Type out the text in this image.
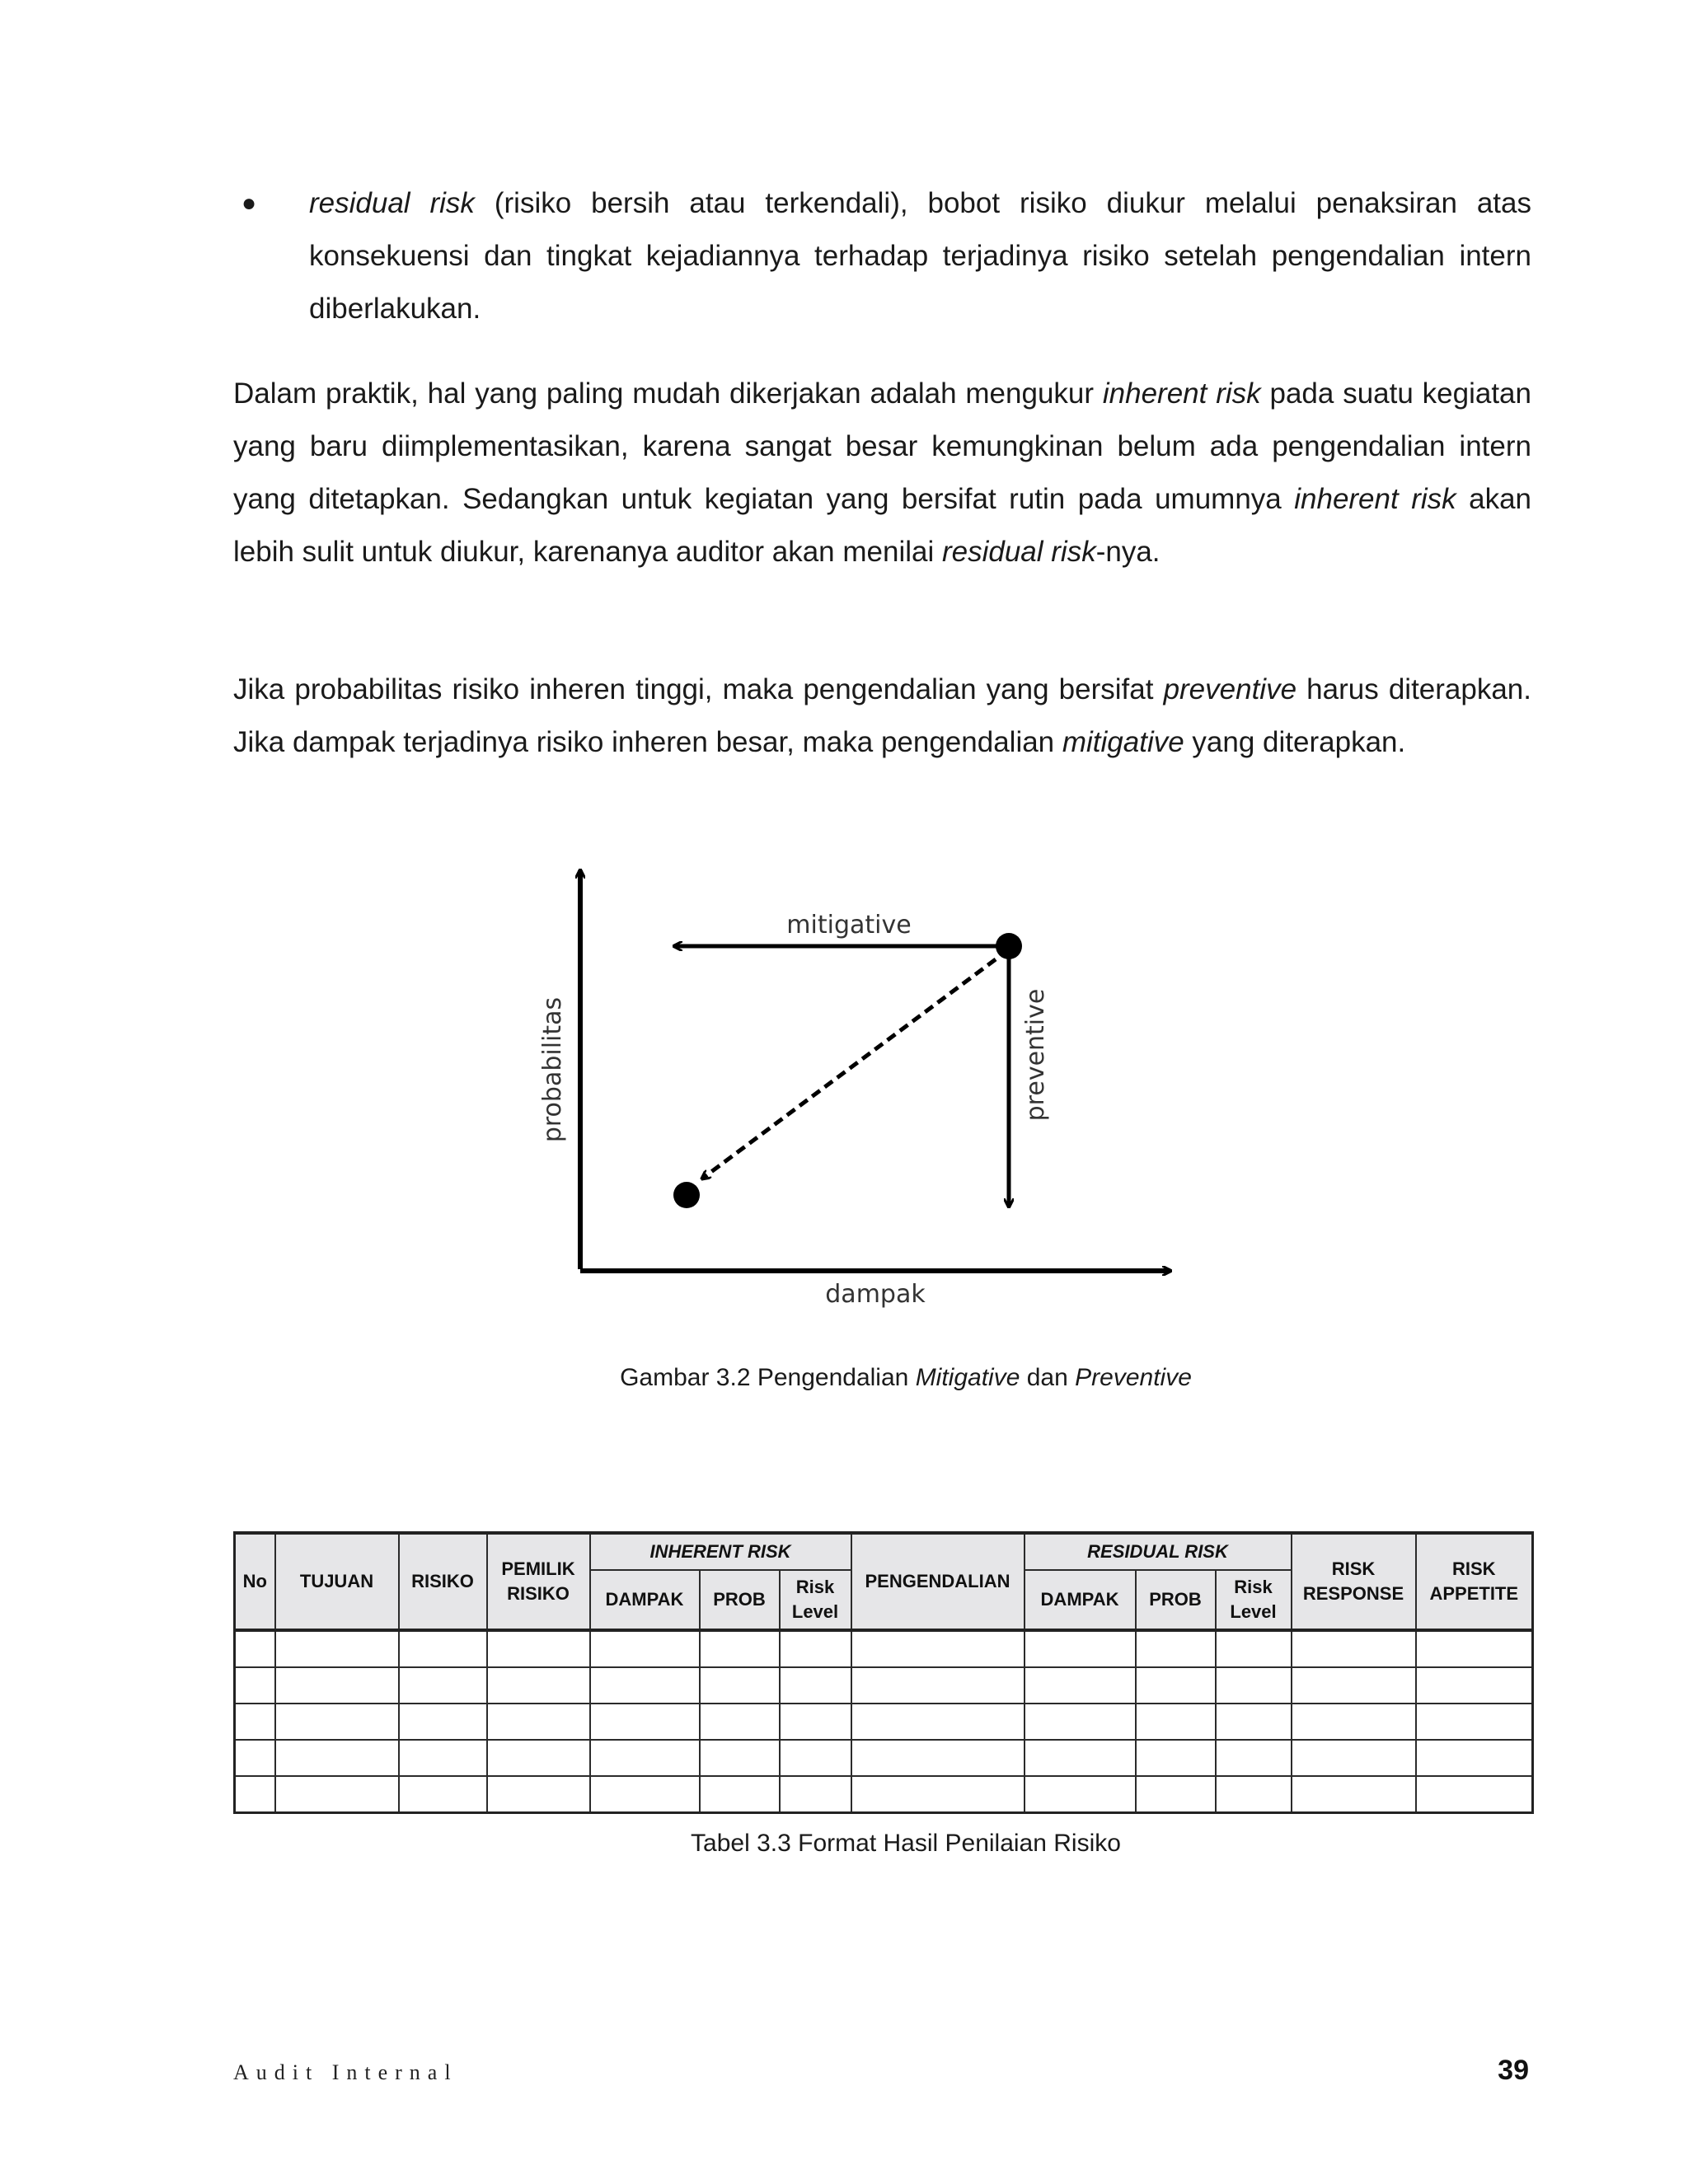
● residual risk (risiko bersih atau terkendali), bobot risiko diukur melalui penaksiran atas konsekuensi dan tingkat kejadiannya terhadap terjadinya risiko setelah pengendalian intern diberlakukan.

Dalam praktik, hal yang paling mudah dikerjakan adalah mengukur inherent risk pada suatu kegiatan yang baru diimplementasikan, karena sangat besar kemungkinan belum ada pengendalian intern yang ditetapkan. Sedangkan untuk kegiatan yang bersifat rutin pada umumnya inherent risk akan lebih sulit untuk diukur, karenanya auditor akan menilai residual risk-nya.

Jika probabilitas risiko inheren tinggi, maka pengendalian yang bersifat preventive harus diterapkan. Jika dampak terjadinya risiko inheren besar, maka pengendalian mitigative yang diterapkan.

mitigative
dampak
probabilitas	preventive
Gambar 3.2 Pengendalian Mitigative dan Preventive
No	TUJUAN	RISIKO	PEMILIK RISIKO	INHERENT RISK			PENGENDALIAN	RESIDUAL RISK			RISK RESPONSE	RISK APPETITE
				DAMPAK	PROB	Risk Level		DAMPAK	PROB	Risk Level		

Tabel 3.3 Format Hasil Penilaian Risiko
Audit Internal	39
